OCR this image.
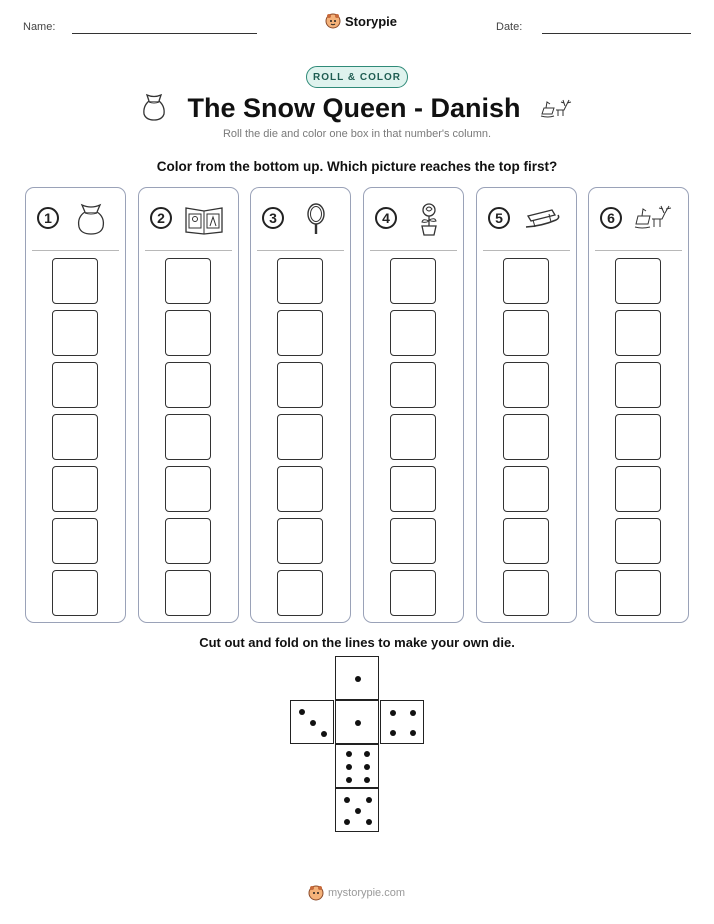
Name:	Storypie	Date:
ROLL & COLOR
The Snow Queen - Danish
Roll the die and color one box in that number's column.
Color from the bottom up. Which picture reaches the top first?
1	2	3	4	5	6
Cut out and fold on the lines to make your own die.
mystorypie.com
